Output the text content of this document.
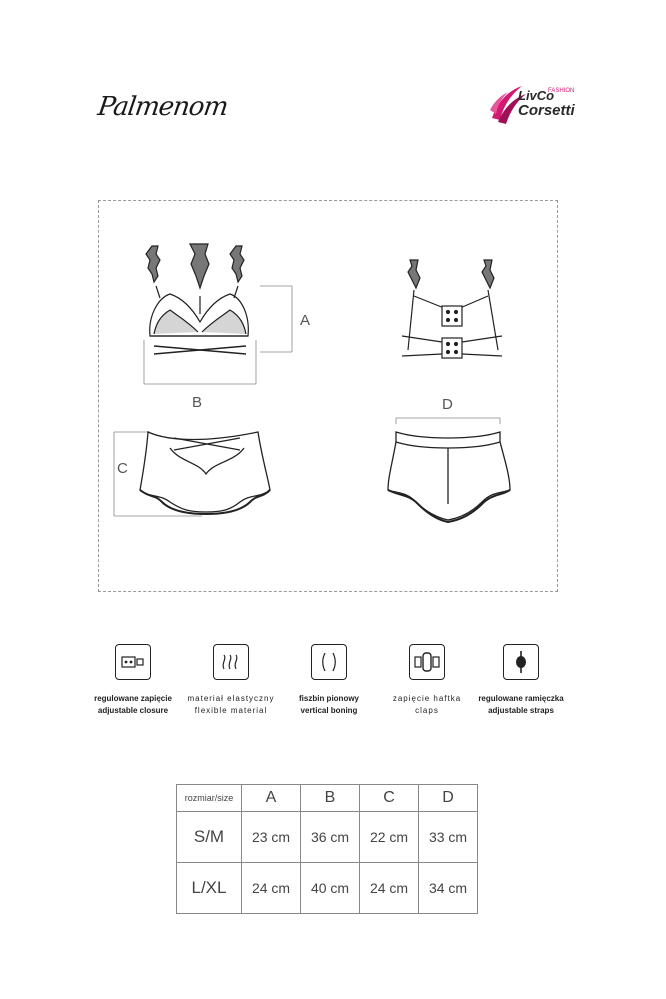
Palmenom	LivCo
FASHION
Corsetti
A
B
C
D
regulowane zapięcie
adjustable closure
materiał elastyczny
flexible material
fiszbin pionowy
vertical boning
zapięcie haftka
claps
regulowane ramięczka
adjustable straps
rozmiar/size	A	B	C	D
S/M	23 cm	36 cm	22 cm	33 cm
L/XL	24 cm	40 cm	24 cm	34 cm
